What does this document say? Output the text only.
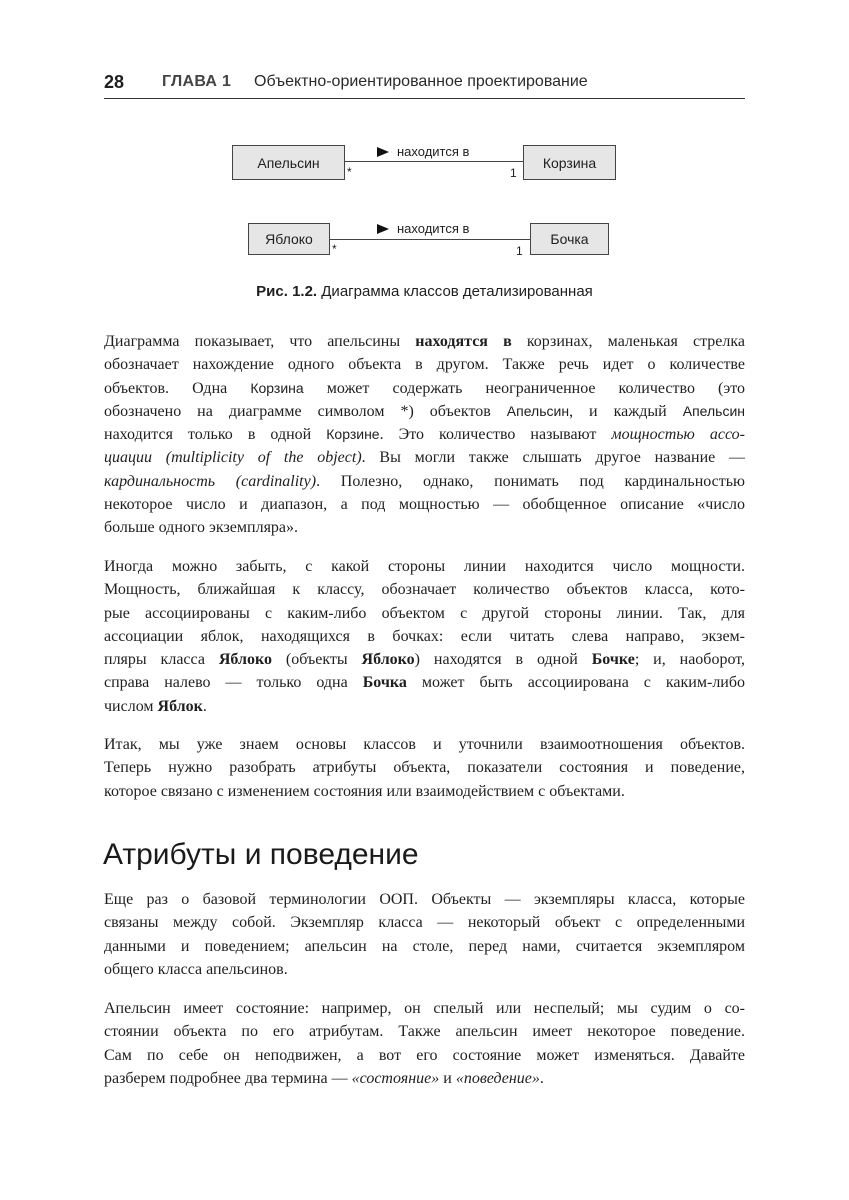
28 ГЛАВА 1 Объектно-ориентированное проектирование
Апельсин
находится в
*	1
Корзина
Яблоко
находится в
*	1
Бочка
Рис. 1.2. Диаграмма классов детализированная
Диаграмма показывает, что апельсины находятся в корзинах, маленькая стрелка
обозначает нахождение одного объекта в другом. Также речь идет о количестве
объектов. Одна Корзина может содержать неограниченное количество (это
обозначено на диаграмме символом *) объектов Апельсин, и каждый Апельсин
находится только в одной Корзине. Это количество называют мощностью ассо-
циации (multiplicity of the object). Вы могли также слышать другое название —
кардинальность (cardinality). Полезно, однако, понимать под кардинальностью
некоторое число и диапазон, а под мощностью — обобщенное описание «число
больше одного экземпляра».
Иногда можно забыть, с какой стороны линии находится число мощности.
Мощность, ближайшая к классу, обозначает количество объектов класса, кото-
рые ассоциированы с каким-либо объектом с другой стороны линии. Так, для
ассоциации яблок, находящихся в бочках: если читать слева направо, экзем-
пляры класса Яблоко (объекты Яблоко) находятся в одной Бочке; и, наоборот,
справа налево — только одна Бочка может быть ассоциирована с каким-либо
числом Яблок.
Итак, мы уже знаем основы классов и уточнили взаимоотношения объектов.
Теперь нужно разобрать атрибуты объекта, показатели состояния и поведение,
которое связано с изменением состояния или взаимодействием с объектами.
Атрибуты и поведение
Еще раз о базовой терминологии ООП. Объекты — экземпляры класса, которые
связаны между собой. Экземпляр класса — некоторый объект с определенными
данными и поведением; апельсин на столе, перед нами, считается экземпляром
общего класса апельсинов.
Апельсин имеет состояние: например, он спелый или неспелый; мы судим о со-
стоянии объекта по его атрибутам. Также апельсин имеет некоторое поведение.
Сам по себе он неподвижен, а вот его состояние может изменяться. Давайте
разберем подробнее два термина — «состояние» и «поведение».
